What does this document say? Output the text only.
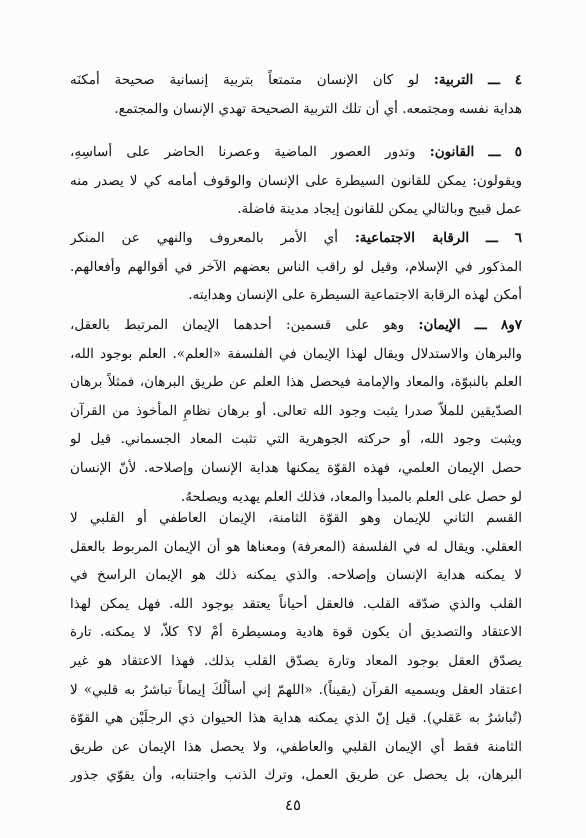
٤ ـــ التربية: لو كان الإنسان متمتعاً بتربية إنسانية صحيحة أمكنَه
هداية نفسه ومجتمعه. أي أن تلك التربية الصحيحة تهدي الإنسان والمجتمع.
٥ ـــ القانون: وتدور العصور الماضية وعصرنا الحاضر على أساسِهِ،
ويقولون: يمكن للقانون السيطرة على الإنسان والوقوف أمامه كي لا يصدر منه
عمل قبيح وبالتالي يمكن للقانون إيجاد مدينة فاضلة.
٦ ـــ الرقابة الاجتماعية: أي الأمر بالمعروف والنهي عن المنكر
المذكور في الإسلام، وقيل لو راقب الناس بعضهم الآخر في أقوالهم وأفعالهم.
أمكن لهذه الرقابة الاجتماعية السيطرة على الإنسان وهدايته.
٧و٨ ـــ الإيمان: وهو على قسمين: أحدهما الإيمان المرتبط بالعقل،
والبرهان والاستدلال ويقال لهذا الإيمان في الفلسفة «العلم». العلم بوجود الله،
العلم بالنبوّة، والمعاد والإمامة فيحصل هذا العلم عن طريق البرهان، فمثلاً برهان
الصدّيقين للملاّ صدرا يثبت وجود الله تعالى. أو برهان نظامِ المأخوذ من القرآن
ويثبت وجود الله، أو حركته الجوهرية التي تثبت المعاد الجسماني. قيل لو
حصل الإيمان العلمي، فهذه القوّة يمكنها هداية الإنسان وإصلاحه. لأنّ الإنسان
لو حصل على العلم بالمبدأ والمعاد، فذلك العلم يهديه ويصلحهُ.
القسم الثاني للإيمان وهو القوّة الثامنة، الإيمان العاطفي أو القلبي لا
العقلي. ويقال له في الفلسفة (المعرفة) ومعناها هو أن الإيمان المربوط بالعقل
لا يمكنه هداية الإنسان وإصلاحه. والذي يمكنه ذلك هو الإيمان الراسخ في
القلب والذي صدّقه القلب. فالعقل أحياناً يعتقد بوجود الله. فهل يمكن لهذا
الاعتقاد والتصديق أن يكون قوة هادية ومسيطرة أمْ لا؟ كلاّ، لا يمكنه. تارة
يصدّق العقل بوجود المعاد وتارة يصدّق القلب بذلك. فهذا الاعتقاد هو غير
اعتقاد العقل ويسميه القرآن (يقيناً). «اللهمّ إني أسألُكَ إيماناً تباشرُ به قلبي» لا
(تُباشرُ به عَقلي). قيل إنّ الذي يمكنه هداية هذا الحيوان ذي الرجلَيْن هي القوّة
الثامنة فقط أي الإيمان القلبي والعاطفي، ولا يحصل هذا الإيمان عن طريق
البرهان، بل يحصل عن طريق العمل، وترك الذنب واجتنابه، وأن يقوّي جذور
٤٥
